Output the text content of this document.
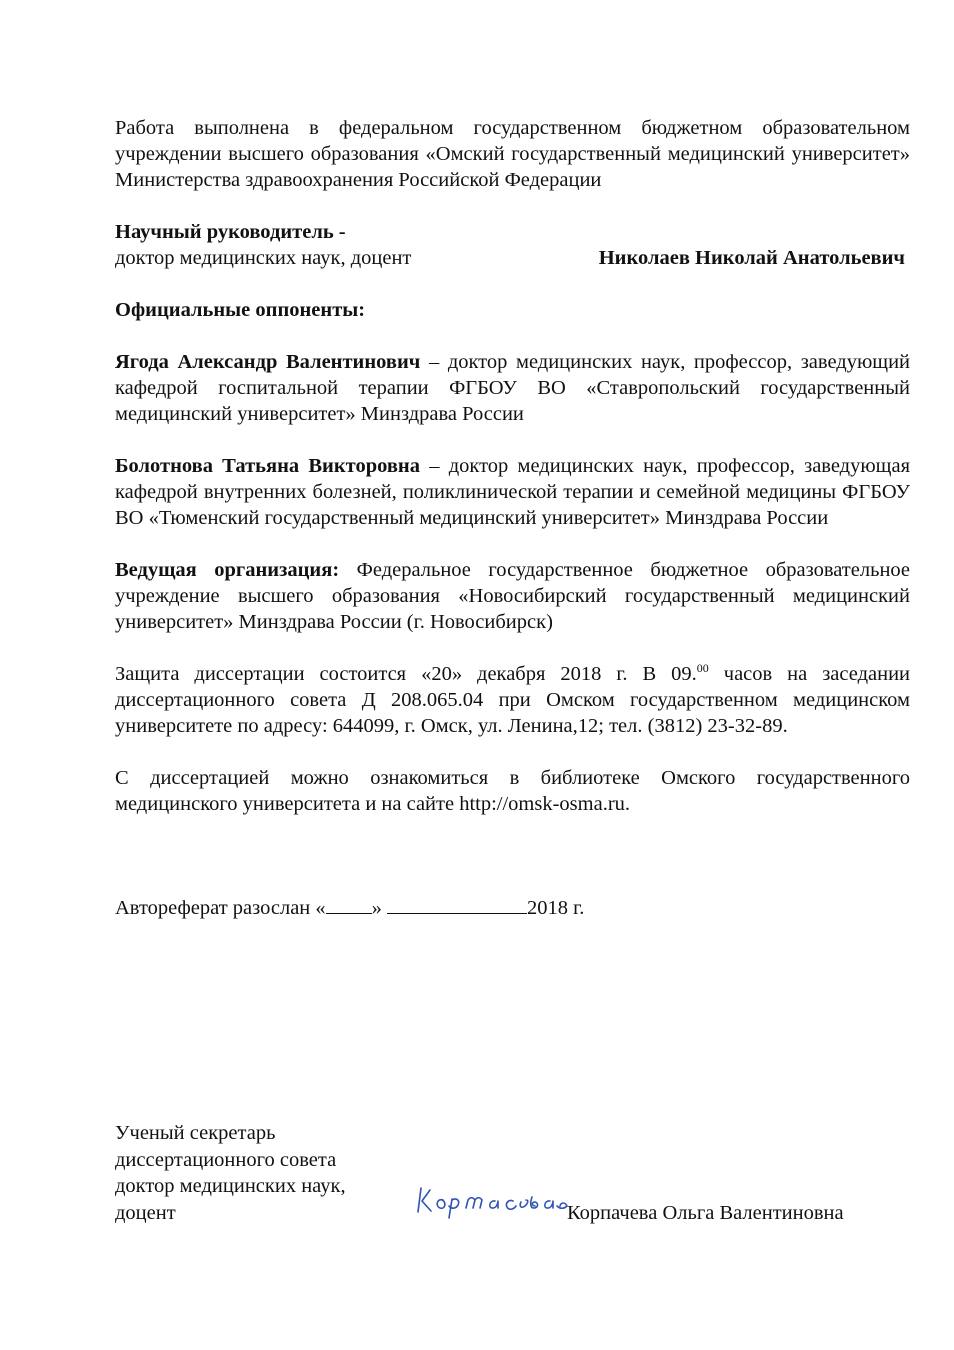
Работа выполнена в федеральном государственном бюджетном образовательном учреждении высшего образования «Омский государственный медицинский университет» Министерства здравоохранения Российской Федерации

Научный руководитель -

доктор медицинских наук, доцент	Николаев Николай Анатольевич

Официальные оппоненты:

Ягода Александр Валентинович – доктор медицинских наук, профессор, заведующий кафедрой госпитальной терапии ФГБОУ ВО «Ставропольский государственный медицинский университет» Минздрава России

Болотнова Татьяна Викторовна – доктор медицинских наук, профессор, заведующая кафедрой внутренних болезней, поликлинической терапии и семейной медицины ФГБОУ ВО «Тюменский государственный медицинский университет» Минздрава России

Ведущая организация: Федеральное государственное бюджетное образовательное учреждение высшего образования «Новосибирский государственный медицинский университет» Минздрава России (г. Новосибирск)

Защита диссертации состоится «20» декабря 2018 г. В 09.00 часов на заседании диссертационного совета Д 208.065.04 при Омском государственном медицинском университете по адресу: 644099, г. Омск, ул. Ленина,12; тел. (3812) 23-32-89.

С диссертацией можно ознакомиться в библиотеке Омского государственного медицинского университета и на сайте http://omsk-osma.ru.

Автореферат разослан « »	2018 г.

Ученый секретарь

диссертационного совета

доктор медицинских наук,

доцент	Корпачева Ольга Валентиновна
